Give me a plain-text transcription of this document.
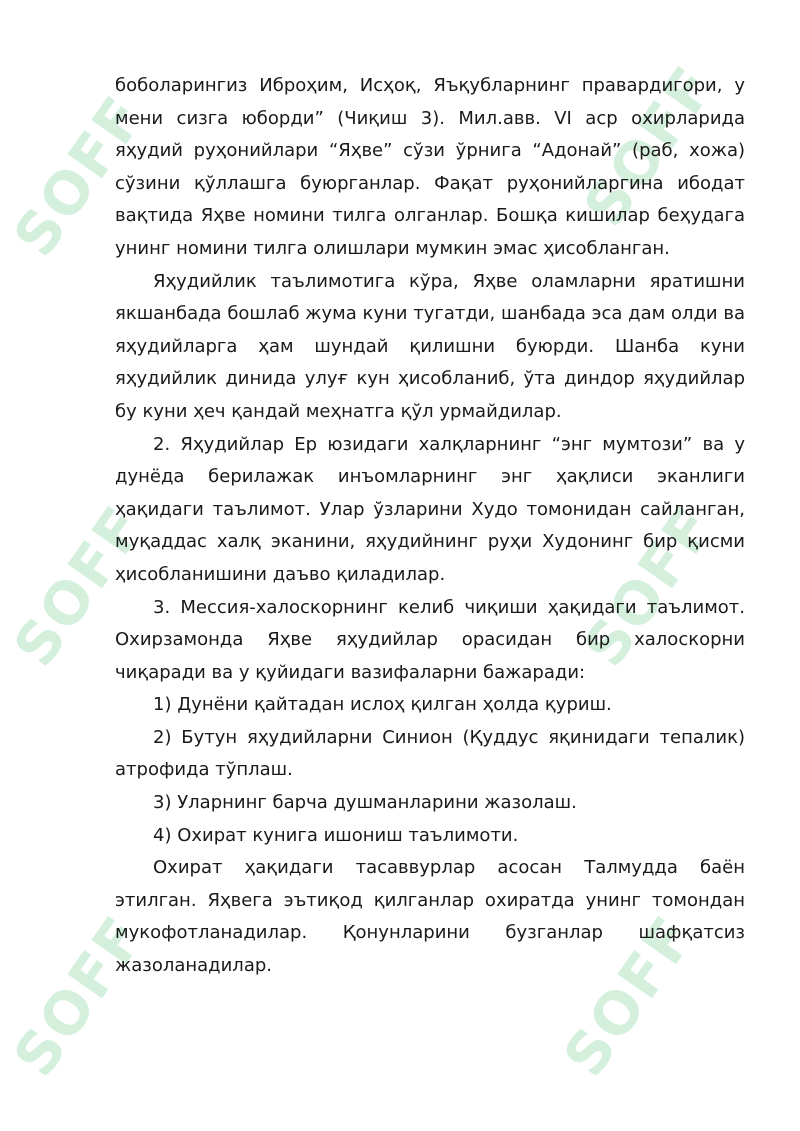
SOFF	SOFF
SOFF	SOFF
SOFF	SOFF

боболарингиз Иброҳим, Исҳоқ, Яъқубларнинг правардигори, у мени сизга юборди” (Чиқиш 3). Мил.авв. VI аср охирларида яҳудий руҳонийлари “Яҳве” сўзи ўрнига “Адонай” (раб, хожа) сўзини қўллашга буюрганлар. Фақат руҳонийларгина ибодат вақтида Яҳве номини тилга олганлар. Бошқа кишилар беҳудага унинг номини тилга олишлари мумкин эмас ҳисобланган.

Яҳудийлик таълимотига кўра, Яҳве оламларни яратишни якшанбада бошлаб жума куни тугатди, шанбада эса дам олди ва яҳудийларга ҳам шундай қилишни буюрди. Шанба куни яҳудийлик динида улуғ кун ҳисобланиб, ўта диндор яҳудийлар бу куни ҳеч қандай меҳнатга қўл урмайдилар.

2. Яҳудийлар Ер юзидаги халқларнинг “энг мумтози” ва у дунёда берилажак инъомларнинг энг ҳақлиси эканлиги ҳақидаги таълимот. Улар ўзларини Худо томонидан сайланган, муқаддас халқ эканини, яҳудийнинг руҳи Худонинг бир қисми ҳисобланишини даъво қиладилар.

3. Мессия-халоскорнинг келиб чиқиши ҳақидаги таълимот. Охирзамонда Яҳве яҳудийлар орасидан бир халоскорни чиқаради ва у қуйидаги вазифаларни бажаради:

1) Дунёни қайтадан ислоҳ қилган ҳолда қуриш.

2) Бутун яҳудийларни Синион (Қуддус яқинидаги тепалик) атрофида тўплаш.

3) Уларнинг барча душманларини жазолаш.

4) Охират кунига ишониш таълимоти.

Охират ҳақидаги тасаввурлар асосан Талмудда баён этилган. Яҳвега эътиқод қилганлар охиратда унинг томондан мукофотланадилар. Қонунларини бузганлар шафқатсиз жазоланадилар.
